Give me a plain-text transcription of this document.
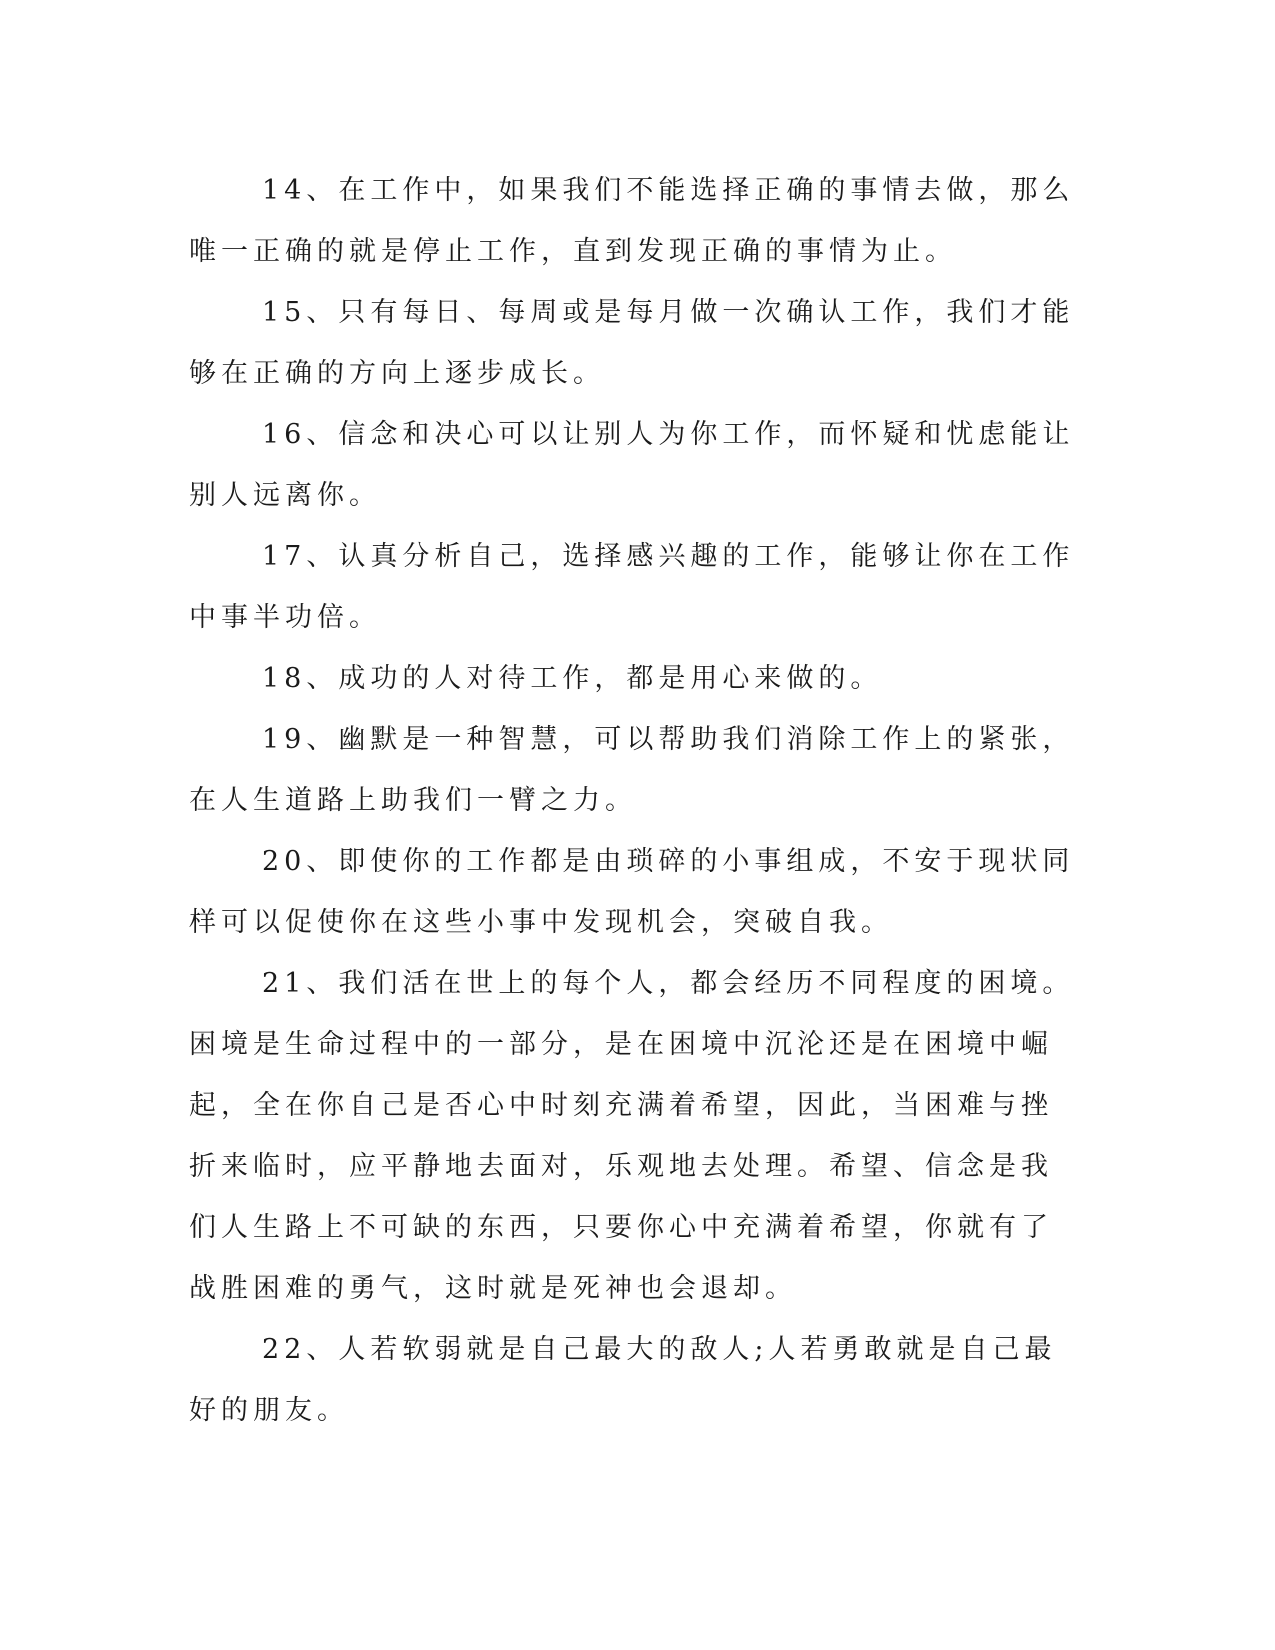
14、在工作中，如果我们不能选择正确的事情去做，那么唯一正确的就是停止工作，直到发现正确的事情为止。

15、只有每日、每周或是每月做一次确认工作，我们才能够在正确的方向上逐步成长。

16、信念和决心可以让别人为你工作，而怀疑和忧虑能让别人远离你。

17、认真分析自己，选择感兴趣的工作，能够让你在工作中事半功倍。

18、成功的人对待工作，都是用心来做的。

19、幽默是一种智慧，可以帮助我们消除工作上的紧张，在人生道路上助我们一臂之力。

20、即使你的工作都是由琐碎的小事组成，不安于现状同样可以促使你在这些小事中发现机会，突破自我。

21、我们活在世上的每个人，都会经历不同程度的困境。困境是生命过程中的一部分，是在困境中沉沦还是在困境中崛起，全在你自己是否心中时刻充满着希望，因此，当困难与挫折来临时，应平静地去面对，乐观地去处理。希望、信念是我们人生路上不可缺的东西，只要你心中充满着希望，你就有了战胜困难的勇气，这时就是死神也会退却。

22、人若软弱就是自己最大的敌人;人若勇敢就是自己最好的朋友。
